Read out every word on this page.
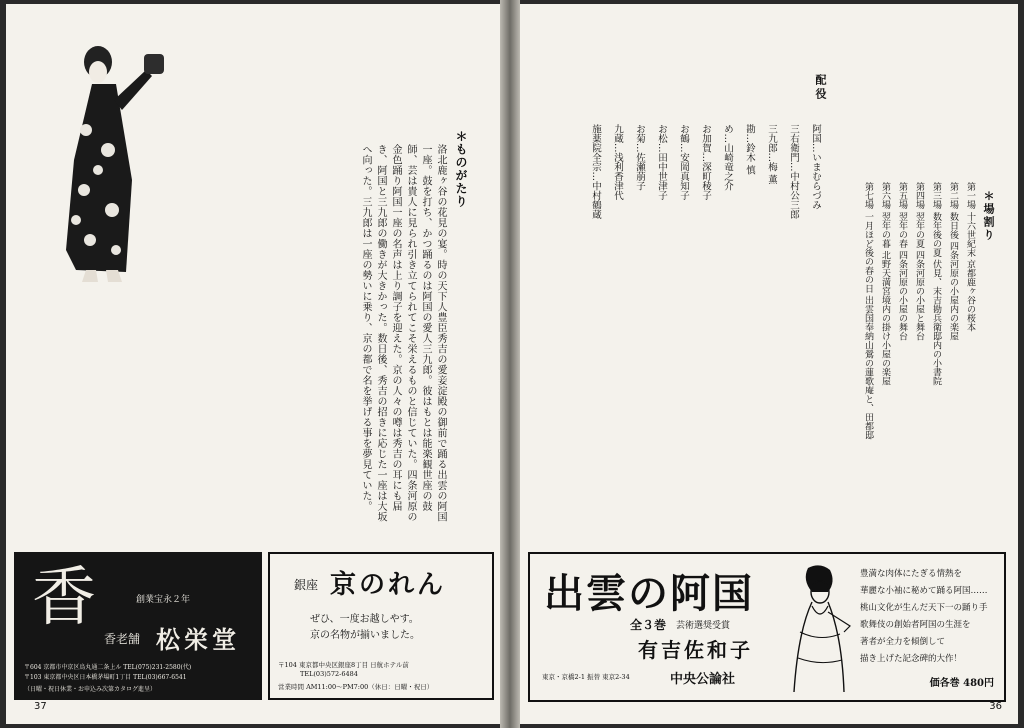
＊ものがたり
洛北鹿ヶ谷の花見の宴。時の天下人豊臣秀吉の愛妾淀殿の御前で踊る出雲の阿国一座。鼓を打ち、かつ踊るのは阿国の愛人三九郎。彼はもとは能楽観世座の鼓師、芸は貴人に見られ引き立てられてこそ栄えるものと信じていた。四条河原の金色踊り阿国一座の名声は上り調子を迎えた。京の人々の噂は秀吉の耳にも届き、阿国と三九郎の働きが大きかった。数日後、秀吉の招きに応じた一座は大坂へ向った。三九郎は一座の勢いに乗り、京の都で名を挙げる事を夢見ていた。
香	創業宝永２年
香老舗 松栄堂
〒604 京都市中京区烏丸通二条上ル TEL(075)231-2580(代)
〒103 東京都中央区日本橋茅場町1丁目 TEL(03)667-6541
（日曜・祝日休業・お申込み次第カタログ進呈）
銀座 京のれん
ぜひ、一度お越しやす。
京の名物が揃いました。
〒104 東京都中央区銀座8丁目 日航ホテル前
TEL(03)572-6484
営業時間 AM11:00〜PM7:00（休日：日曜・祝日）
37
＊場割り
第一場 十六世紀末 京都鹿ヶ谷の桜本
第二場 数日後 四条河原の小屋内の楽屋
第三場 数年後の夏 伏見、末吉勘兵衛邸内の小書院
第四場 翌年の夏 四条河原の小屋と舞台
第五場 翌年の春 四条河原の小屋の舞台
第六場 翌年の暮 北野天満宮境内の掛け小屋の楽屋
第七場 一月ほど後の春の日 出雲国奉納山鶯の蓮歌庵と、田都邸
配役
阿国…いまむらづみ
三右衛門…中村公三郎
三九郎…梅 薫
勘…鈴木 慎
め…山崎竜之介
お加賀…深町稜子
お鶴…安岡真知子
お松…田中世津子
お菊…佐瀬萠子
九蔵…浅利香津代
施薬院全宗…中村鶴蔵
出雲の阿国
全３巻 芸術選奨受賞
有吉佐和子
東京・京橋2-1 振替 東京2-34	中央公論社
豊満な肉体にたぎる情熱を
華麗な小袖に秘めて踊る阿国……
桃山文化が生んだ天下一の踊り手
歌舞伎の創始者阿国の生涯を
著者が全力を傾倒して
描き上げた記念碑的大作！
価各巻 480円
36
